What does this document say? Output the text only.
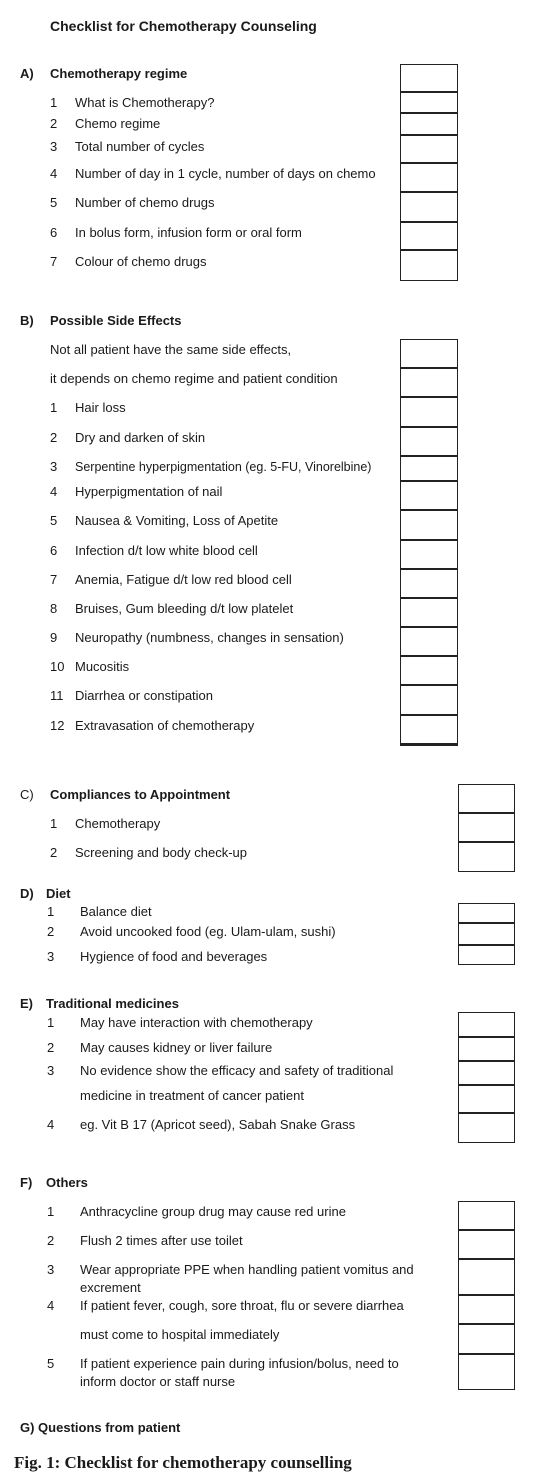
Checklist for Chemotherapy Counseling
A) Chemotherapy regime
1 What is Chemotherapy?
2 Chemo regime
3 Total number of cycles
4 Number of day in 1 cycle, number of days on chemo
5 Number of chemo drugs
6 In bolus form, infusion form or oral form
7 Colour of chemo drugs
B) Possible Side Effects
Not all patient have the same side effects,
it depends on chemo regime and patient condition
1 Hair loss
2 Dry and darken of skin
3 Serpentine hyperpigmentation (eg. 5-FU, Vinorelbine)
4 Hyperpigmentation of nail
5 Nausea & Vomiting, Loss of Apetite
6 Infection d/t low white blood cell
7 Anemia, Fatigue d/t low red blood cell
8 Bruises, Gum bleeding d/t low platelet
9 Neuropathy (numbness, changes in sensation)
10 Mucositis
11 Diarrhea or constipation
12 Extravasation of chemotherapy
C) Compliances to Appointment
1 Chemotherapy
2 Screening and body check-up
D) Diet
1 Balance diet
2 Avoid uncooked food (eg. Ulam-ulam, sushi)
3 Hygience of food and beverages
E) Traditional medicines
1 May have interaction with chemotherapy
2 May causes kidney or liver failure
3 No evidence show the efficacy and safety of traditional
medicine in treatment of cancer patient
4 eg. Vit B 17 (Apricot seed), Sabah Snake Grass
F) Others
1 Anthracycline group drug may cause red urine
2 Flush 2 times after use toilet
3 Wear appropriate PPE when handling patient vomitus and
excrement
4 If patient fever, cough, sore throat, flu or severe diarrhea
must come to hospital immediately
5 If patient experience pain during infusion/bolus, need to
inform doctor or staff nurse
G) Questions from patient
Fig. 1: Checklist for chemotherapy counselling
